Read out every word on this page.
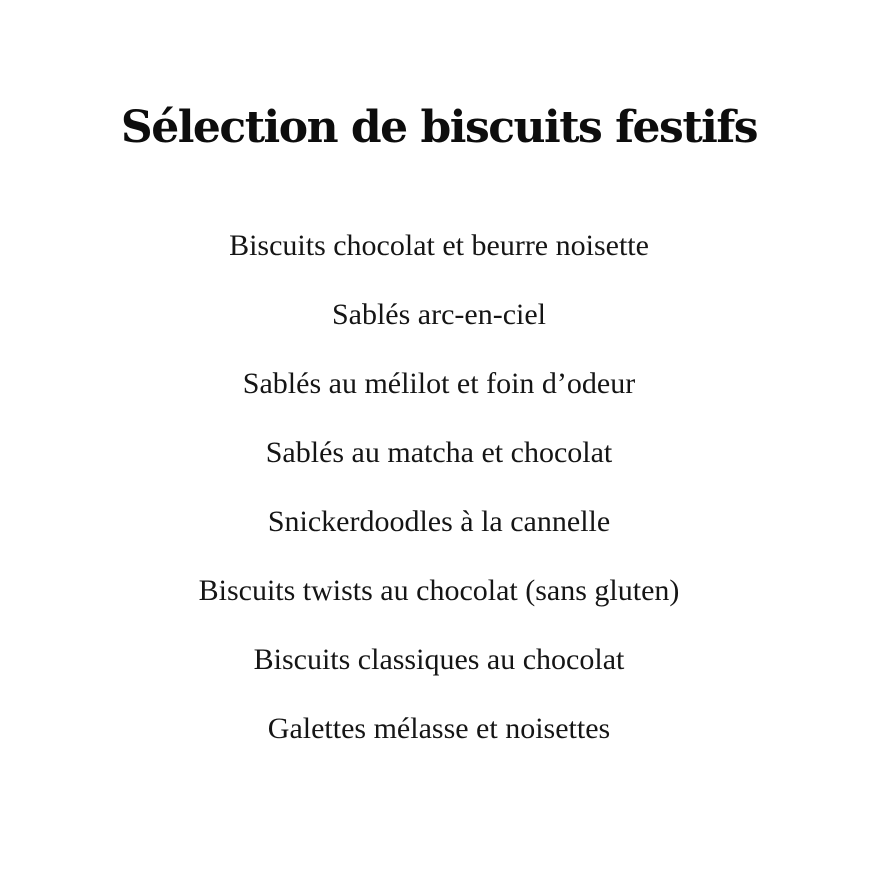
Sélection de biscuits festifs
Biscuits chocolat et beurre noisette
Sablés arc-en-ciel
Sablés au mélilot et foin d’odeur
Sablés au matcha et chocolat
Snickerdoodles à la cannelle
Biscuits twists au chocolat (sans gluten)
Biscuits classiques au chocolat
Galettes mélasse et noisettes
